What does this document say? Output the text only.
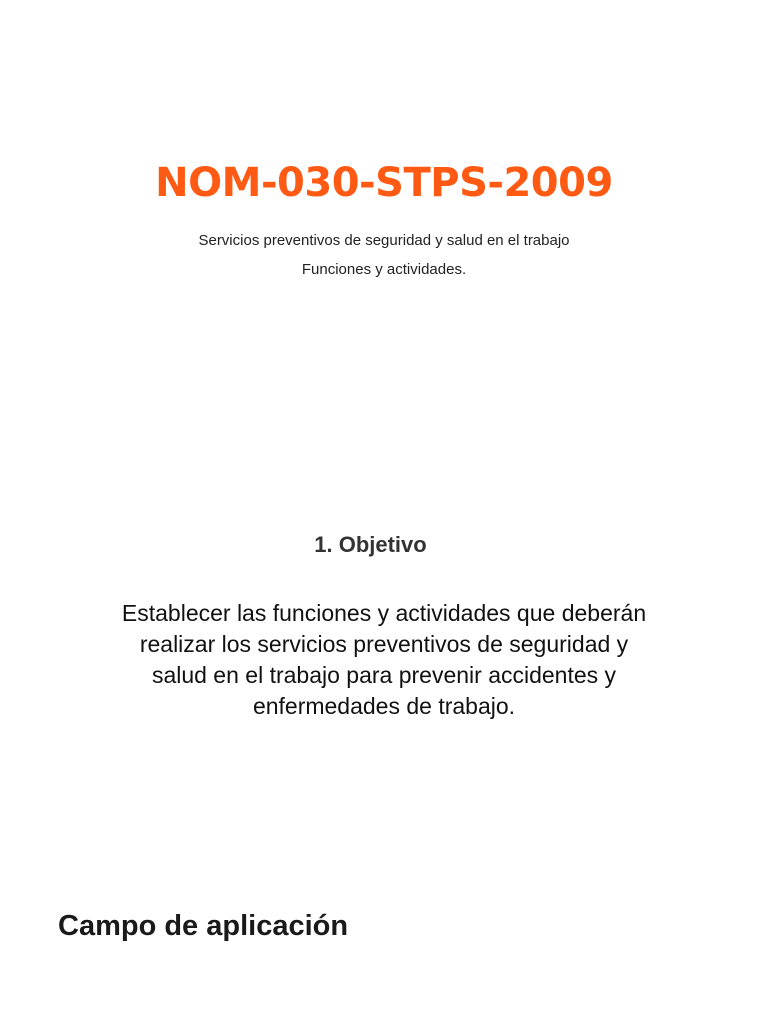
NOM-030-STPS-2009

Servicios preventivos de seguridad y salud en el trabajo

Funciones y actividades.

1. Objetivo

Establecer las funciones y actividades que deberán realizar los servicios preventivos de seguridad y salud en el trabajo para prevenir accidentes y enfermedades de trabajo.

Campo de aplicación
